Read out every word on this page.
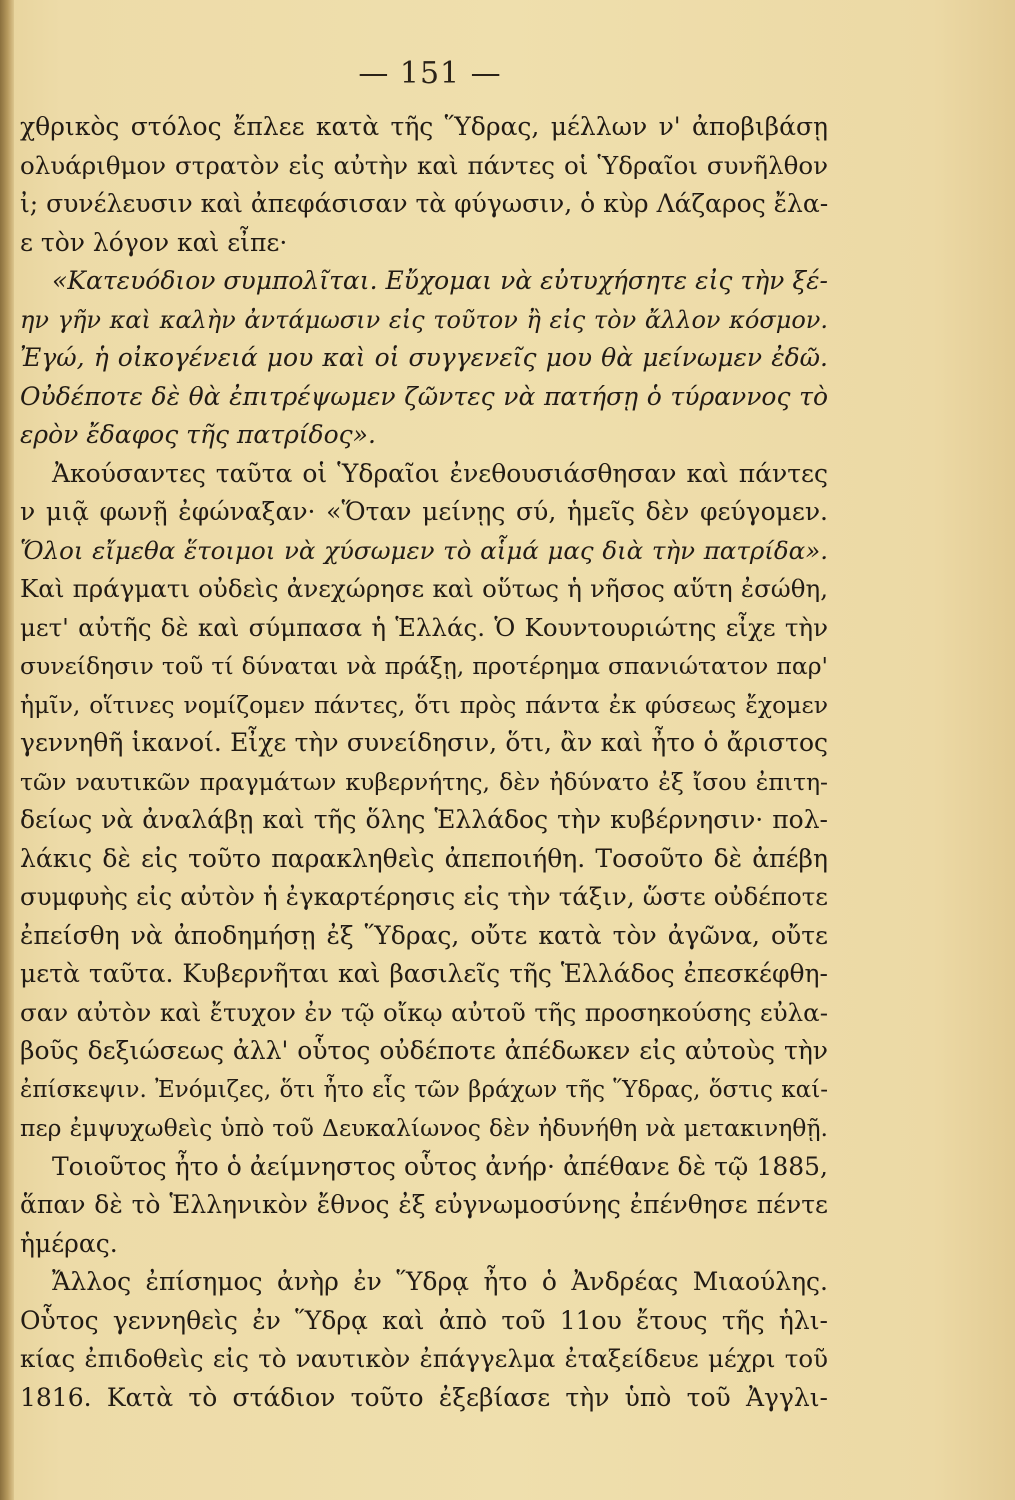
— 151 —
χθρικὸς στόλος ἔπλεε κατὰ τῆς Ὕδρας, μέλλων ν' ἀποβιβάσῃ
ολυάριθμον στρατὸν εἰς αὐτὴν καὶ πάντες οἱ Ὑδραῖοι συνῆλθον
ἰ; συνέλευσιν καὶ ἀπεφάσισαν τὰ φύγωσιν, ὁ κὺρ Λάζαρος ἔλα-
ε τὸν λόγον καὶ εἶπε·
«Κατευόδιον συμπολῖται. Εὔχομαι νὰ εὐτυχήσητε εἰς τὴν ξέ-
ην γῆν καὶ καλὴν ἀντάμωσιν εἰς τοῦτον ἢ εἰς τὸν ἄλλον κόσμον.
Ἐγώ, ἡ οἰκογένειά μου καὶ οἱ συγγενεῖς μου θὰ μείνωμεν ἐδῶ.
Οὐδέποτε δὲ θὰ ἐπιτρέψωμεν ζῶντες νὰ πατήσῃ ὁ τύραννος τὸ
ερὸν ἔδαφος τῆς πατρίδος».
Ἀκούσαντες ταῦτα οἱ Ὑδραῖοι ἐνεθουσιάσθησαν καὶ πάντες
ν μιᾷ φωνῇ ἐφώναξαν· «Ὅταν μείνῃς σύ, ἡμεῖς δὲν φεύγομεν.
Ὅλοι εἴμεθα ἕτοιμοι νὰ χύσωμεν τὸ αἷμά μας διὰ τὴν πατρίδα».
Καὶ πράγματι οὐδεὶς ἀνεχώρησε καὶ οὕτως ἡ νῆσος αὕτη ἐσώθη,
μετ' αὐτῆς δὲ καὶ σύμπασα ἡ Ἑλλάς. Ὁ Κουντουριώτης εἶχε τὴν
συνείδησιν τοῦ τί δύναται νὰ πράξῃ, προτέρημα σπανιώτατον παρ'
ἡμῖν, οἵτινες νομίζομεν πάντες, ὅτι πρὸς πάντα ἐκ φύσεως ἔχομεν
γεννηθῆ ἱκανοί. Εἶχε τὴν συνείδησιν, ὅτι, ἂν καὶ ἦτο ὁ ἄριστος
τῶν ναυτικῶν πραγμάτων κυβερνήτης, δὲν ἠδύνατο ἐξ ἴσου ἐπιτη-
δείως νὰ ἀναλάβῃ καὶ τῆς ὅλης Ἑλλάδος τὴν κυβέρνησιν· πολ-
λάκις δὲ εἰς τοῦτο παρακληθεὶς ἀπεποιήθη. Τοσοῦτο δὲ ἀπέβη
συμφυὴς εἰς αὐτὸν ἡ ἐγκαρτέρησις εἰς τὴν τάξιν, ὥστε οὐδέποτε
ἐπείσθη νὰ ἀποδημήσῃ ἐξ Ὕδρας, οὔτε κατὰ τὸν ἀγῶνα, οὔτε
μετὰ ταῦτα. Κυβερνῆται καὶ βασιλεῖς τῆς Ἑλλάδος ἐπεσκέφθη-
σαν αὐτὸν καὶ ἔτυχον ἐν τῷ οἴκῳ αὐτοῦ τῆς προσηκούσης εὐλα-
βοῦς δεξιώσεως ἀλλ' οὗτος οὐδέποτε ἀπέδωκεν εἰς αὐτοὺς τὴν
ἐπίσκεψιν. Ἐνόμιζες, ὅτι ἦτο εἷς τῶν βράχων τῆς Ὕδρας, ὅστις καί-
περ ἐμψυχωθεὶς ὑπὸ τοῦ Δευκαλίωνος δὲν ἠδυνήθη νὰ μετακινηθῇ.
Τοιοῦτος ἦτο ὁ ἀείμνηστος οὗτος ἀνήρ· ἀπέθανε δὲ τῷ 1885,
ἅπαν δὲ τὸ Ἑλληνικὸν ἔθνος ἐξ εὐγνωμοσύνης ἐπένθησε πέντε
ἡμέρας.
Ἄλλος ἐπίσημος ἀνὴρ ἐν Ὕδρᾳ ἦτο ὁ Ἀνδρέας Μιαούλης.
Οὗτος γεννηθεὶς ἐν Ὕδρᾳ καὶ ἀπὸ τοῦ 11ου ἔτους τῆς ἡλι-
κίας ἐπιδοθεὶς εἰς τὸ ναυτικὸν ἐπάγγελμα ἐταξείδευε μέχρι τοῦ
1816. Κατὰ τὸ στάδιον τοῦτο ἐξεβίασε τὴν ὑπὸ τοῦ Ἀγγλι-
